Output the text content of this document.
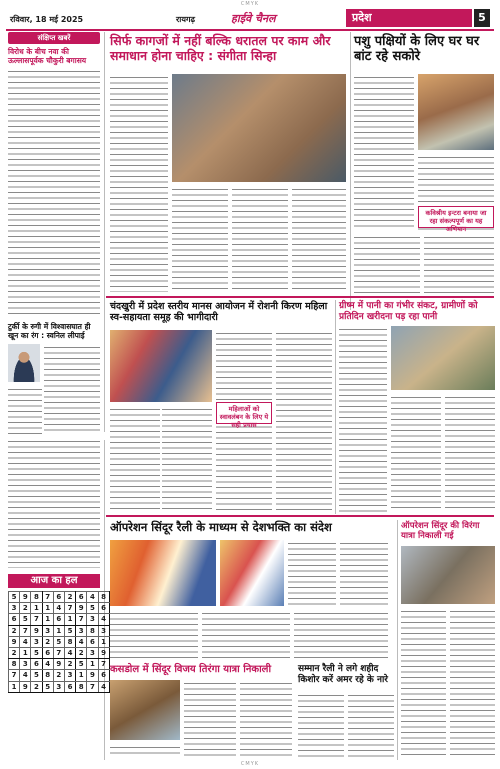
CMYK
रविवार, 18 मई 2025	रायगढ़	हाईवे चैनल	प्रदेश	5
संक्षिप्त खबरें
विरोध के बीच नवा की ऊल्लासपूर्वक चौकुरी बगासय
टुर्की के रुगी में विश्वासघात ही खून का रंग : स्वनिल लीपाई
आज का हल
5	9	8	7	6	2	6	4	8
3	2	1	1	4	7	9	5	6
6	5	7	1	6	1	7	3	4
2	7	9	3	1	5	3	8	3
9	4	3	2	5	8	4	6	1
2	1	5	6	7	4	2	3	9
8	3	6	4	9	2	5	1	7
7	4	5	8	2	3	1	9	6
1	9	2	5	3	6	8	7	4
सिर्फ कागजों में नहीं बल्कि धरातल पर काम और समाधान होना चाहिए : संगीता सिन्हा
पशु पक्षियों के लिए घर घर बांट रहे सकोरे
कविश्रीय इन्टरा बनाया जा रहा संकल्पपूर्ण का यह अभियान
चंदखुरी में प्रदेश स्तरीय मानस आयोजन में रोशनी किरण महिला स्व-सहायता समूह की भागीदारी
महिलाओं को स्वावलंबन के लिए ये सही प्रयास
ग्रीष्म में पानी का गंभीर संकट, ग्रामीणों को प्रतिदिन खरीदना पड़ रहा पानी
ऑपरेशन सिंदूर रैली के माध्यम से देशभक्ति का संदेश
कसडोल में सिंदूर विजय तिरंगा यात्रा निकाली	सम्मान रैली ने लगे शहीद किशोर करें अमर रहे के नारे
ऑपरेशन सिंदूर की विरंगा यात्रा निकाली गई
CMYK
